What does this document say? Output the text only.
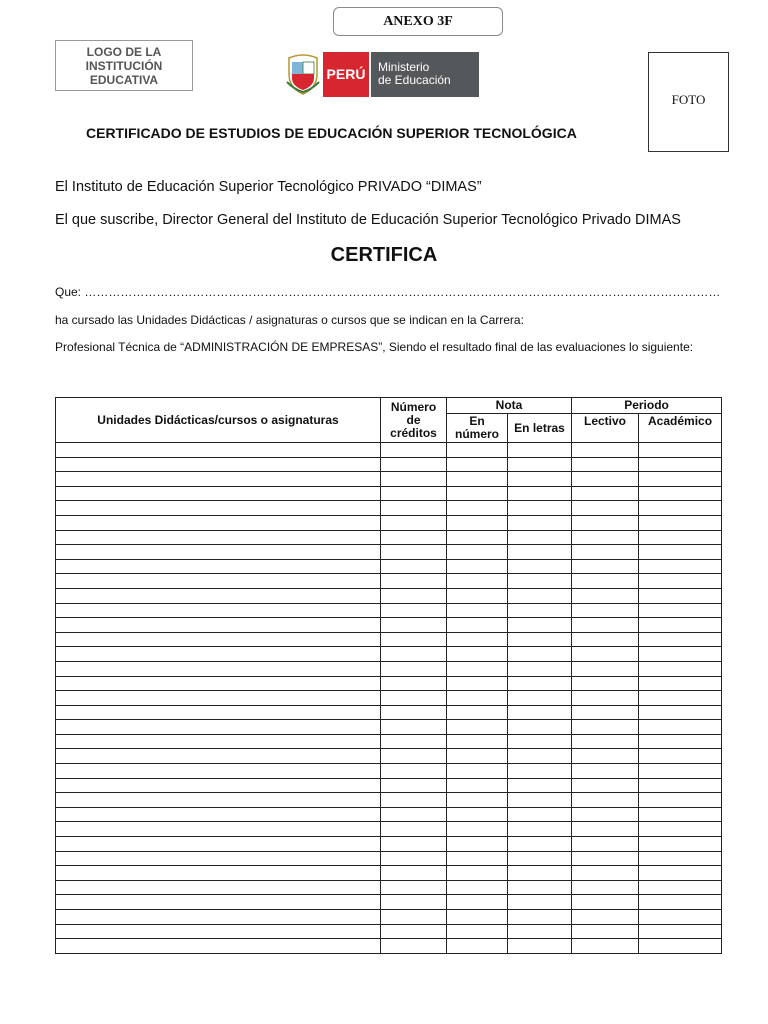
ANEXO 3F
LOGO DE LA
INSTITUCIÓN
EDUCATIVA	PERÚ	Ministerio
de Educación
FOTO
CERTIFICADO DE ESTUDIOS DE EDUCACIÓN SUPERIOR TECNOLÓGICA
El Instituto de Educación Superior Tecnológico PRIVADO “DIMAS”
El que suscribe, Director General del Instituto de Educación Superior Tecnológico Privado DIMAS
CERTIFICA
Que: ……………………………………………………………………………………………………………………………………………
ha cursado las Unidades Didácticas / asignaturas o cursos que se indican en la Carrera:
Profesional Técnica de “ADMINISTRACIÓN DE EMPRESAS”, Siendo el resultado final de las evaluaciones lo siguiente:
Unidades Didácticas/cursos o asignaturas	Número de créditos	Nota		Periodo	
		En número	En letras	Lectivo	Académico
